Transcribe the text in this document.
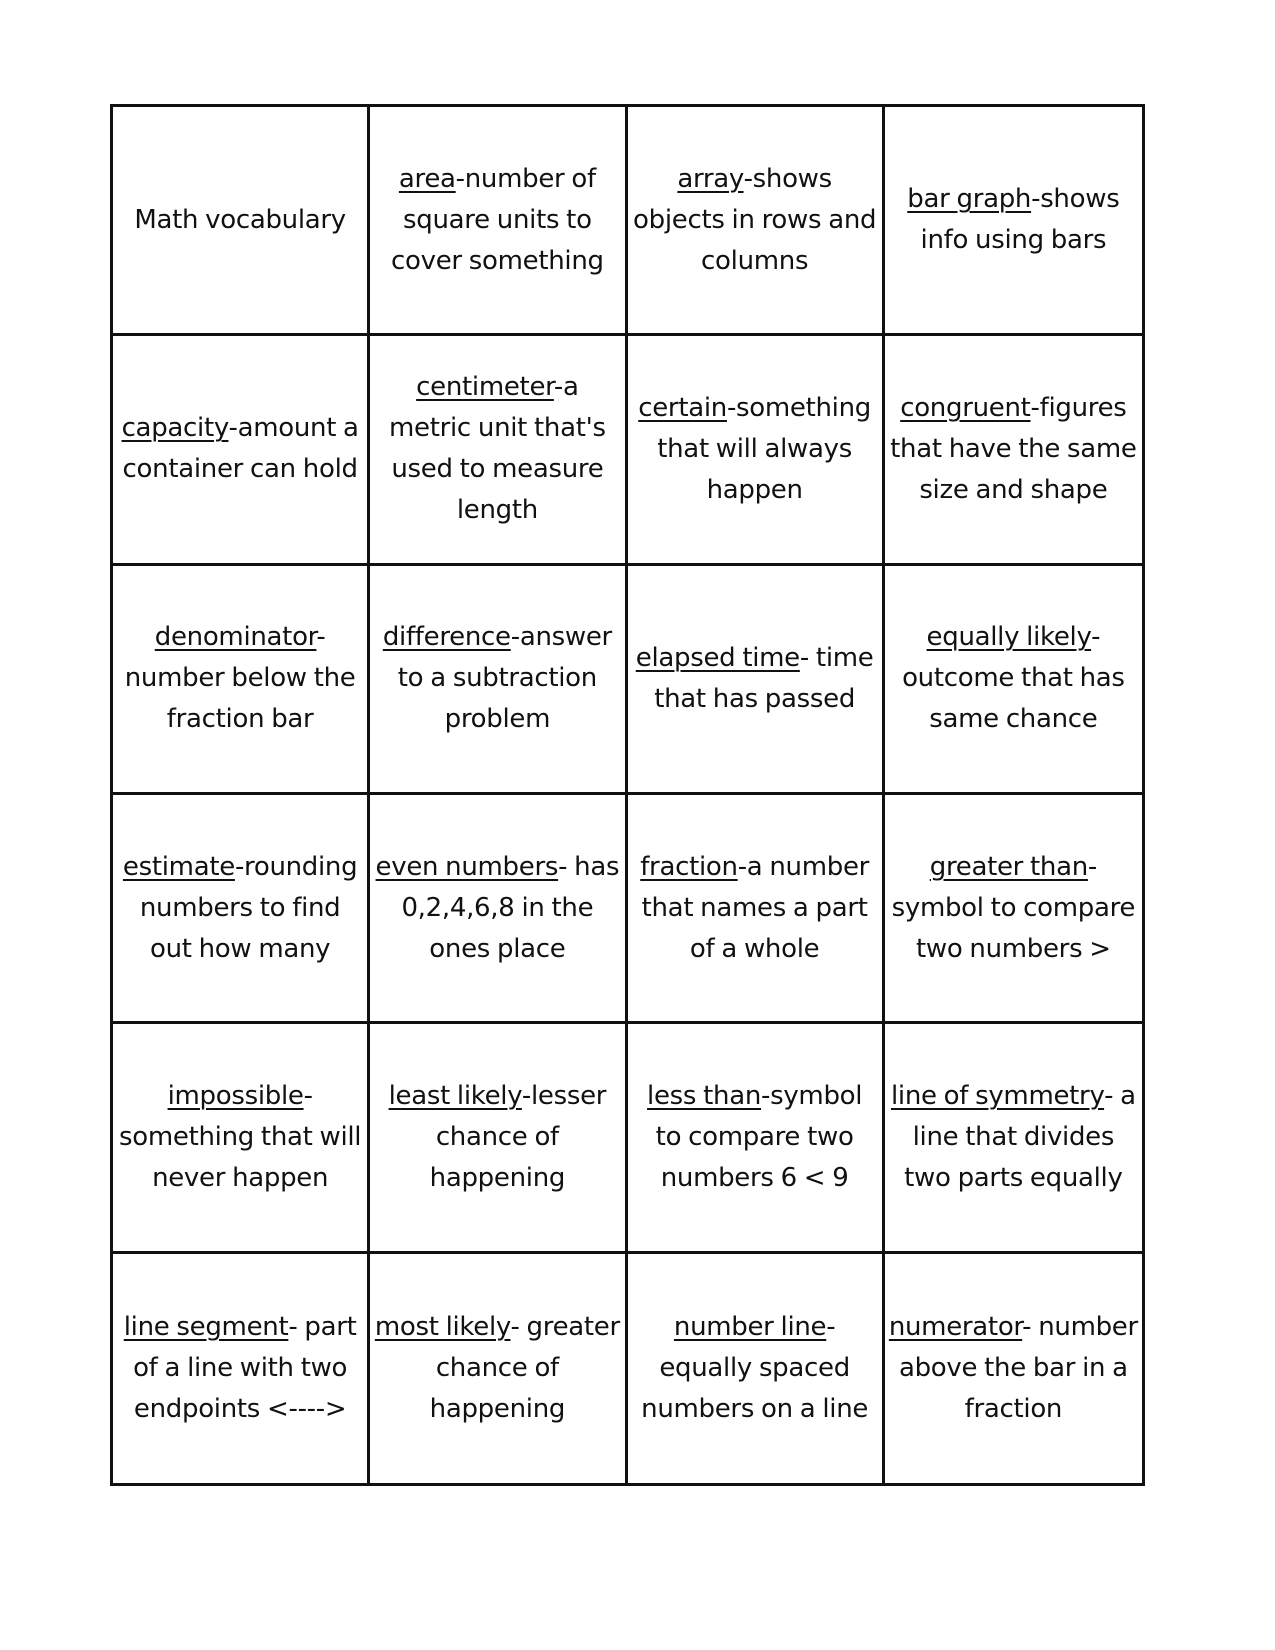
Math vocabulary
area-number of square units to cover something
array-shows objects in rows and columns
bar graph-shows info using bars
capacity-amount a container can hold
centimeter-a metric unit that's used to measure length
certain-something that will always happen
congruent-figures that have the same size and shape
denominator- number below the fraction bar
difference-answer to a subtraction problem
elapsed time- time that has passed
equally likely- outcome that has same chance
estimate-rounding numbers to find out how many
even numbers- has 0,2,4,6,8 in the ones place
fraction-a number that names a part of a whole
greater than- symbol to compare two numbers >
impossible- something that will never happen
least likely-lesser chance of happening
less than-symbol to compare two numbers 6 < 9
line of symmetry- a line that divides two parts equally
line segment- part of a line with two endpoints <---->
most likely- greater chance of happening
number line- equally spaced numbers on a line
numerator- number above the bar in a fraction
